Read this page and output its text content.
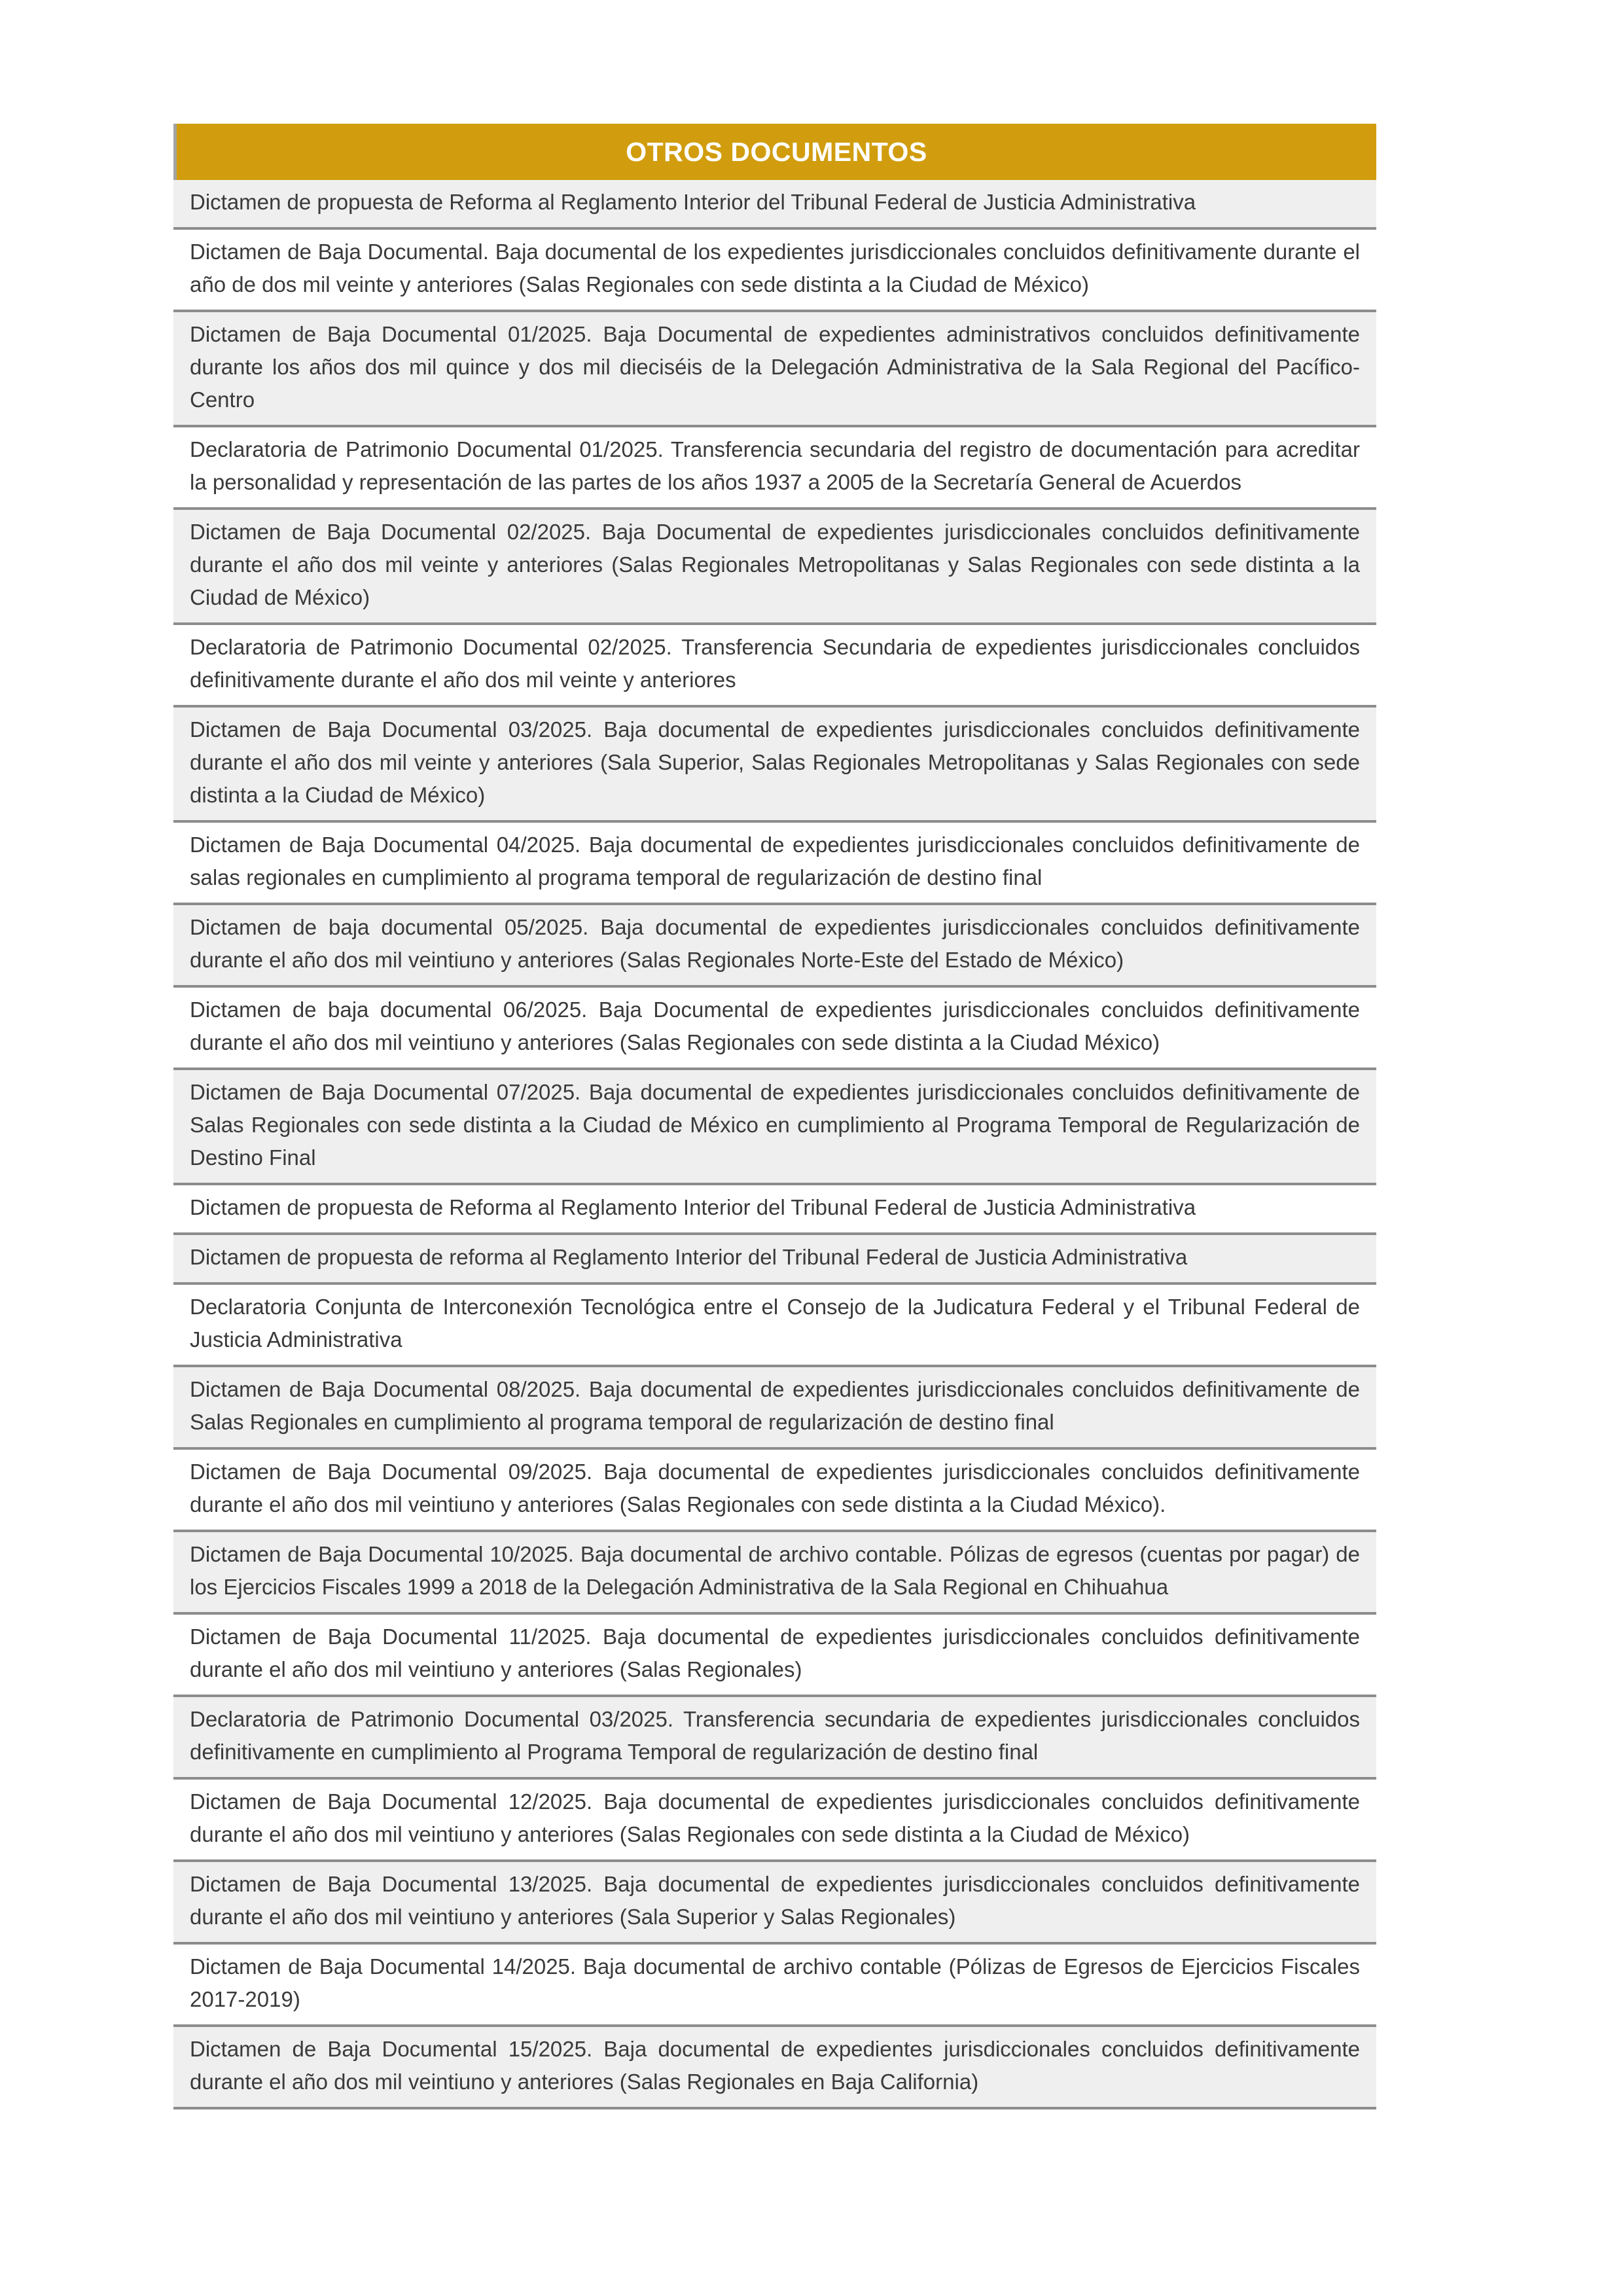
OTROS DOCUMENTOS
Dictamen de propuesta de Reforma al Reglamento Interior del Tribunal Federal de Justicia Administrativa
Dictamen de Baja Documental. Baja documental de los expedientes jurisdiccionales concluidos definitivamente durante el año de dos mil veinte y anteriores (Salas Regionales con sede distinta a la Ciudad de México)
Dictamen de Baja Documental 01/2025. Baja Documental de expedientes administrativos concluidos definitivamente durante los años dos mil quince y dos mil dieciséis de la Delegación Administrativa de la Sala Regional del Pacífico-Centro
Declaratoria de Patrimonio Documental 01/2025. Transferencia secundaria del registro de documentación para acreditar la personalidad y representación de las partes de los años 1937 a 2005 de la Secretaría General de Acuerdos
Dictamen de Baja Documental 02/2025. Baja Documental de expedientes jurisdiccionales concluidos definitivamente durante el año dos mil veinte y anteriores (Salas Regionales Metropolitanas y Salas Regionales con sede distinta a la Ciudad de México)
Declaratoria de Patrimonio Documental 02/2025. Transferencia Secundaria de expedientes jurisdiccionales concluidos definitivamente durante el año dos mil veinte y anteriores
Dictamen de Baja Documental 03/2025. Baja documental de expedientes jurisdiccionales concluidos definitivamente durante el año dos mil veinte y anteriores (Sala Superior, Salas Regionales Metropolitanas y Salas Regionales con sede distinta a la Ciudad de México)
Dictamen de Baja Documental 04/2025. Baja documental de expedientes jurisdiccionales concluidos definitivamente de salas regionales en cumplimiento al programa temporal de regularización de destino final
Dictamen de baja documental 05/2025. Baja documental de expedientes jurisdiccionales concluidos definitivamente durante el año dos mil veintiuno y anteriores (Salas Regionales Norte-Este del Estado de México)
Dictamen de baja documental 06/2025. Baja Documental de expedientes jurisdiccionales concluidos definitivamente durante el año dos mil veintiuno y anteriores (Salas Regionales con sede distinta a la Ciudad México)
Dictamen de Baja Documental 07/2025. Baja documental de expedientes jurisdiccionales concluidos definitivamente de Salas Regionales con sede distinta a la Ciudad de México en cumplimiento al Programa Temporal de Regularización de Destino Final
Dictamen de propuesta de Reforma al Reglamento Interior del Tribunal Federal de Justicia Administrativa
Dictamen de propuesta de reforma al Reglamento Interior del Tribunal Federal de Justicia Administrativa
Declaratoria Conjunta de Interconexión Tecnológica entre el Consejo de la Judicatura Federal y el Tribunal Federal de Justicia Administrativa
Dictamen de Baja Documental 08/2025. Baja documental de expedientes jurisdiccionales concluidos definitivamente de Salas Regionales en cumplimiento al programa temporal de regularización de destino final
Dictamen de Baja Documental 09/2025. Baja documental de expedientes jurisdiccionales concluidos definitivamente durante el año dos mil veintiuno y anteriores (Salas Regionales con sede distinta a la Ciudad México).
Dictamen de Baja Documental 10/2025. Baja documental de archivo contable. Pólizas de egresos (cuentas por pagar) de los Ejercicios Fiscales 1999 a 2018 de la Delegación Administrativa de la Sala Regional en Chihuahua
Dictamen de Baja Documental 11/2025. Baja documental de expedientes jurisdiccionales concluidos definitivamente durante el año dos mil veintiuno y anteriores (Salas Regionales)
Declaratoria de Patrimonio Documental 03/2025. Transferencia secundaria de expedientes jurisdiccionales concluidos definitivamente en cumplimiento al Programa Temporal de regularización de destino final
Dictamen de Baja Documental 12/2025. Baja documental de expedientes jurisdiccionales concluidos definitivamente durante el año dos mil veintiuno y anteriores (Salas Regionales con sede distinta a la Ciudad de México)
Dictamen de Baja Documental 13/2025. Baja documental de expedientes jurisdiccionales concluidos definitivamente durante el año dos mil veintiuno y anteriores (Sala Superior y Salas Regionales)
Dictamen de Baja Documental 14/2025. Baja documental de archivo contable (Pólizas de Egresos de Ejercicios Fiscales 2017-2019)
Dictamen de Baja Documental 15/2025. Baja documental de expedientes jurisdiccionales concluidos definitivamente durante el año dos mil veintiuno y anteriores (Salas Regionales en Baja California)
